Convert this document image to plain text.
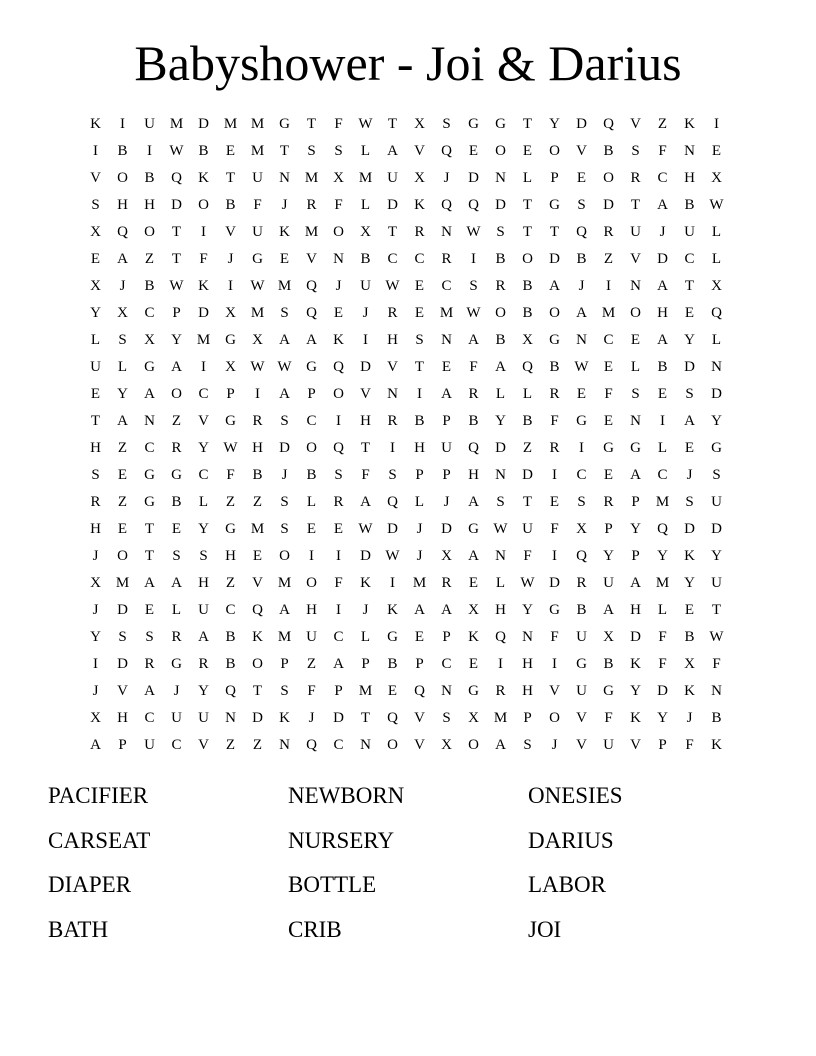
Babyshower - Joi & Darius
K	I	U M D M M G	T	F	W	T	X	S	G	G	T	Y	D	Q	V	Z	K	I
I	B	I	W B	E	M	T	S	S	L	A	V	Q	E	O	E	O	V	B	S	F	N	E
V	O	B	Q	K	T	U	N M X M U	X	J	D	N	L	P	E	O	R	C	H	X
S	H	H	D	O	B	F	J	R	F	L	D	K	Q	Q	D	T	G	S	D	T	A	B W
X	Q	O	T	I	V	U	K M O	X	T	R	N W	S	T	T	Q	R	U	J	U	L
E	A	Z	T	F	J	G	E	V	N	B	C	C	R	I	B	O	D	B	Z	V	D	C	L
X	J	B W K	I	W M Q	J	U W	E	C	S	R	B	A	J	I	N	A	T	X
Y	X	C	P	D	X M	S	Q	E	J	R	E	M W O	B	O	A M O	H	E	Q
L	S	X	Y M G	X	A	A	K	I	H	S	N	A	B	X	G	N	C	E	A	Y	L
U	L	G	A	I	X W W G	Q	D	V	T	E	F	A	Q	B W	E	L	B	D	N
E	Y	A	O	C	P	I	A	P	O	V	N	I	A	R	L	L	R	E	F	S	E	S	D
T	A	N	Z	V	G	R	S	C	I	H	R	B	P	B	Y	B	F	G	E	N	I	A	Y
H	Z	C	R	Y W H	D	O	Q	T	I	H	U	Q	D	Z	R	I	G	G	L	E	G
S	E	G	G	C	F	B	J	B	S	F	S	P	P	H	N	D	I	C	E	A	C	J	S
R	Z	G	B	L	Z	Z	S	L	R	A	Q	L	J	A	S	T	E	S	R	P	M	S	U
H	E	T	E	Y	G M	S	E	E	W D	J	D	G W U	F	X	P	Y	Q	D	D
J	O	T	S	S	H	E	O	I	I	D W	J	X	A	N	F	I	Q	Y	P	Y	K	Y
X M A	A	H	Z	V M O	F	K	I	M	R	E	L	W D	R	U	A M Y	U
J	D	E	L	U	C	Q	A	H	I	J	K	A	A	X	H	Y	G	B	A	H	L	E	T
Y	S	S	R	A	B	K M U	C	L	G	E	P	K	Q	N	F	U	X	D	F	B W
I	D	R	G	R	B	O	P	Z	A	P	B	P	C	E	I	H	I	G	B	K	F	X	F
J	V	A	J	Y	Q	T	S	F	P	M	E	Q	N	G	R	H	V	U	G	Y	D	K	N
X	H	C	U	U	N	D	K	J	D	T	Q	V	S	X M	P	O	V	F	K	Y	J	B
A	P	U	C	V	Z	Z	N	Q	C	N	O	V	X	O	A	S	J	V	U	V	P	F	K
PACIFIER	NEWBORN	ONESIES
CARSEAT	NURSERY	DARIUS
DIAPER	BOTTLE	LABOR
BATH	CRIB	JOI
